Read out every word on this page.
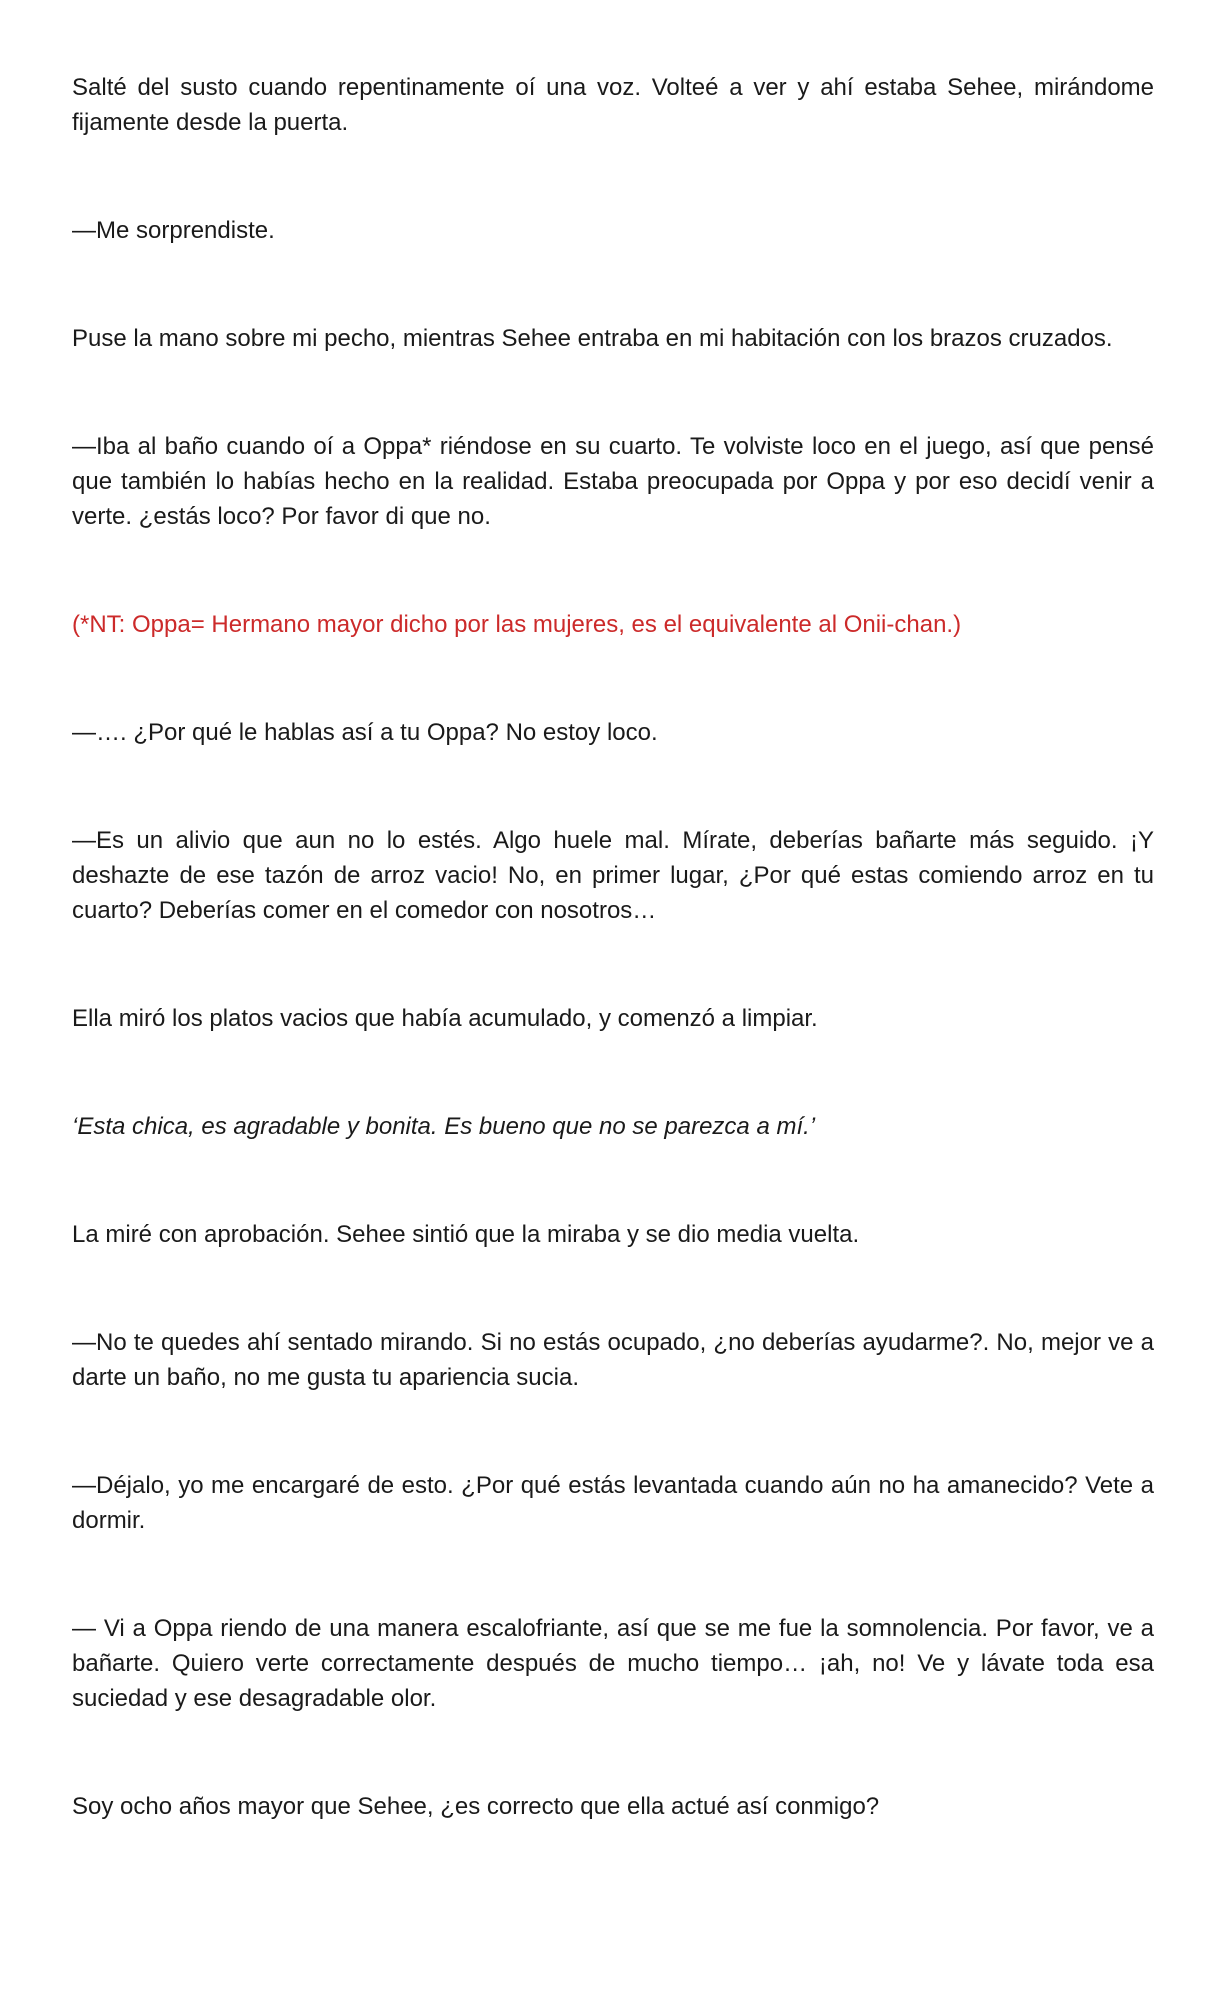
Salté del susto cuando repentinamente oí una voz. Volteé a ver y ahí estaba Sehee, mirándome fijamente desde la puerta.

—Me sorprendiste.

Puse la mano sobre mi pecho, mientras Sehee entraba en mi habitación con los brazos cruzados.

—Iba al baño cuando oí a Oppa* riéndose en su cuarto. Te volviste loco en el juego, así que pensé que también lo habías hecho en la realidad. Estaba preocupada por Oppa y por eso decidí venir a verte. ¿estás loco? Por favor di que no.

(*NT: Oppa= Hermano mayor dicho por las mujeres, es el equivalente al Onii-chan.)

—…. ¿Por qué le hablas así a tu Oppa? No estoy loco.

—Es un alivio que aun no lo estés. Algo huele mal. Mírate, deberías bañarte más seguido. ¡Y deshazte de ese tazón de arroz vacio! No, en primer lugar, ¿Por qué estas comiendo arroz en tu cuarto? Deberías comer en el comedor con nosotros…

Ella miró los platos vacios que había acumulado, y comenzó a limpiar.

‘Esta chica, es agradable y bonita. Es bueno que no se parezca a mí.’

La miré con aprobación. Sehee sintió que la miraba y se dio media vuelta.

—No te quedes ahí sentado mirando. Si no estás ocupado, ¿no deberías ayudarme?. No, mejor ve a darte un baño, no me gusta tu apariencia sucia.

—Déjalo, yo me encargaré de esto. ¿Por qué estás levantada cuando aún no ha amanecido? Vete a dormir.

— Vi a Oppa riendo de una manera escalofriante, así que se me fue la somnolencia. Por favor, ve a bañarte. Quiero verte correctamente después de mucho tiempo… ¡ah, no! Ve y lávate toda esa suciedad y ese desagradable olor.

Soy ocho años mayor que Sehee, ¿es correcto que ella actué así conmigo?
